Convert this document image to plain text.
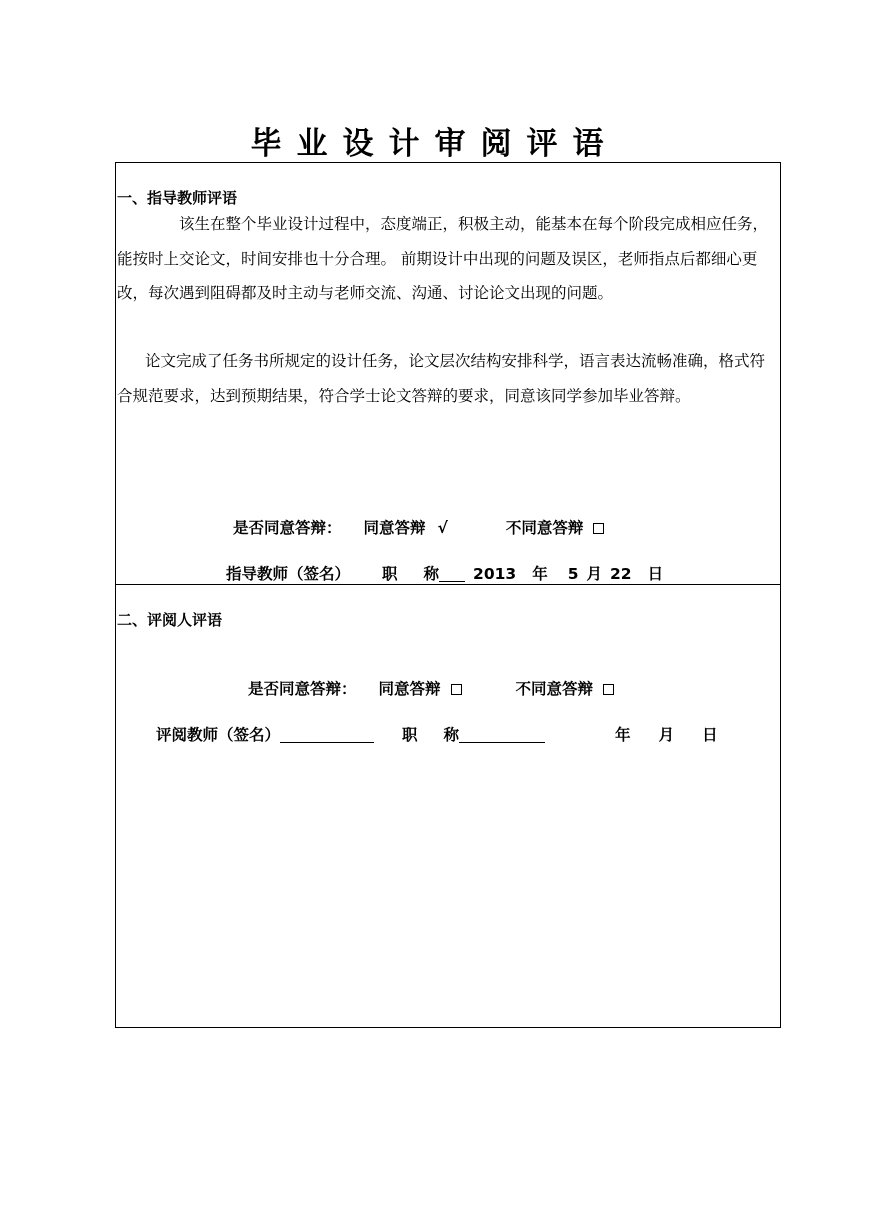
毕业设计审阅评语
一、指导教师评语
该生在整个毕业设计过程中，态度端正，积极主动，能基本在每个阶段完成相应任务，能按时上交论文，时间安排也十分合理。 前期设计中出现的问题及误区，老师指点后都细心更改，每次遇到阻碍都及时主动与老师交流、沟通、讨论论文出现的问题。
论文完成了任务书所规定的设计任务，论文层次结构安排科学，语言表达流畅准确，格式符合规范要求，达到预期结果，符合学士论文答辩的要求，同意该同学参加毕业答辩。
是否同意答辩： 同意答辩 √	不同意答辩
指导教师（签名） 职 称 2013 年 5 月 22 日
二、评阅人评语
是否同意答辩： 同意答辩	不同意答辩
评阅教师（签名）	职 称	年 月 日
